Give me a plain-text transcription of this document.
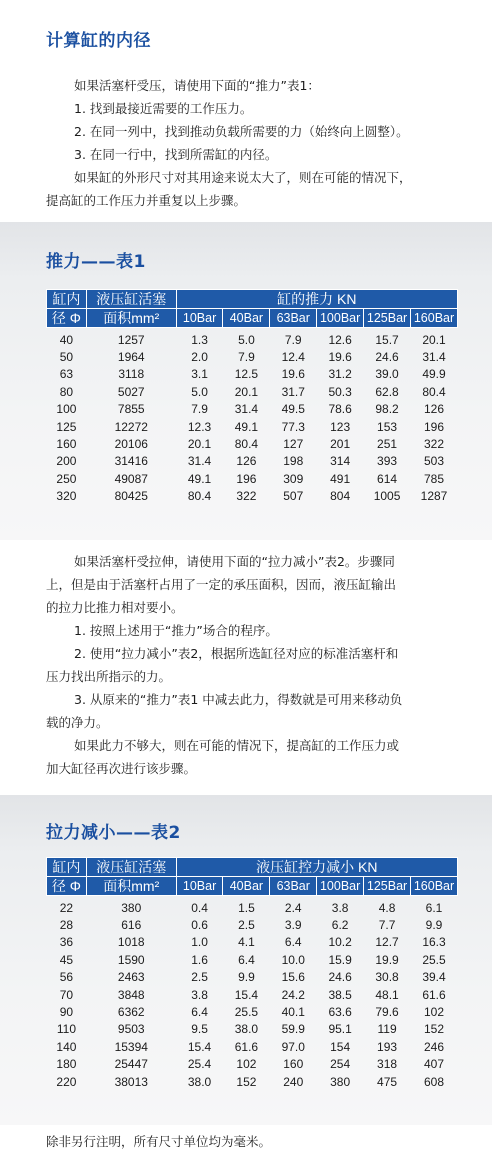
计算缸的内径

如果活塞杆受压，请使用下面的“推力”表1：

1. 找到最接近需要的工作压力。

2. 在同一列中，找到推动负载所需要的力（始终向上圆整）。

3. 在同一行中，找到所需缸的内径。

如果缸的外形尺寸对其用途来说太大了，则在可能的情况下，

提高缸的工作压力并重复以上步骤。

推力——表1
缸内	液压缸活塞	缸的推力 KN					
径 Φ	面积mm²	10Bar	40Bar	63Bar	100Bar	125Bar	160Bar

40	1257	1.3	5.0	7.9	12.6	15.7	20.1
50	1964	2.0	7.9	12.4	19.6	24.6	31.4
63	3118	3.1	12.5	19.6	31.2	39.0	49.9
80	5027	5.0	20.1	31.7	50.3	62.8	80.4
100	7855	7.9	31.4	49.5	78.6	98.2	126
125	12272	12.3	49.1	77.3	123	153	196
160	20106	20.1	80.4	127	201	251	322
200	31416	31.4	126	198	314	393	503
250	49087	49.1	196	309	491	614	785
320	80425	80.4	322	507	804	1005	1287

如果活塞杆受拉伸，请使用下面的“拉力减小”表2。步骤同

上，但是由于活塞杆占用了一定的承压面积，因而，液压缸输出

的拉力比推力相对要小。

1. 按照上述用于“推力”场合的程序。

2. 使用“拉力减小”表2，根据所选缸径对应的标准活塞杆和

压力找出所指示的力。

3. 从原来的“推力”表1 中减去此力，得数就是可用来移动负

载的净力。

如果此力不够大，则在可能的情况下，提高缸的工作压力或

加大缸径再次进行该步骤。

拉力减小——表2
缸内	液压缸活塞	液压缸控力减小 KN					
径 Φ	面积mm²	10Bar	40Bar	63Bar	100Bar	125Bar	160Bar

22	380	0.4	1.5	2.4	3.8	4.8	6.1
28	616	0.6	2.5	3.9	6.2	7.7	9.9
36	1018	1.0	4.1	6.4	10.2	12.7	16.3
45	1590	1.6	6.4	10.0	15.9	19.9	25.5
56	2463	2.5	9.9	15.6	24.6	30.8	39.4
70	3848	3.8	15.4	24.2	38.5	48.1	61.6
90	6362	6.4	25.5	40.1	63.6	79.6	102
110	9503	9.5	38.0	59.9	95.1	119	152
140	15394	15.4	61.6	97.0	154	193	246
180	25447	25.4	102	160	254	318	407
220	38013	38.0	152	240	380	475	608
除非另行注明，所有尺寸单位均为毫米。
